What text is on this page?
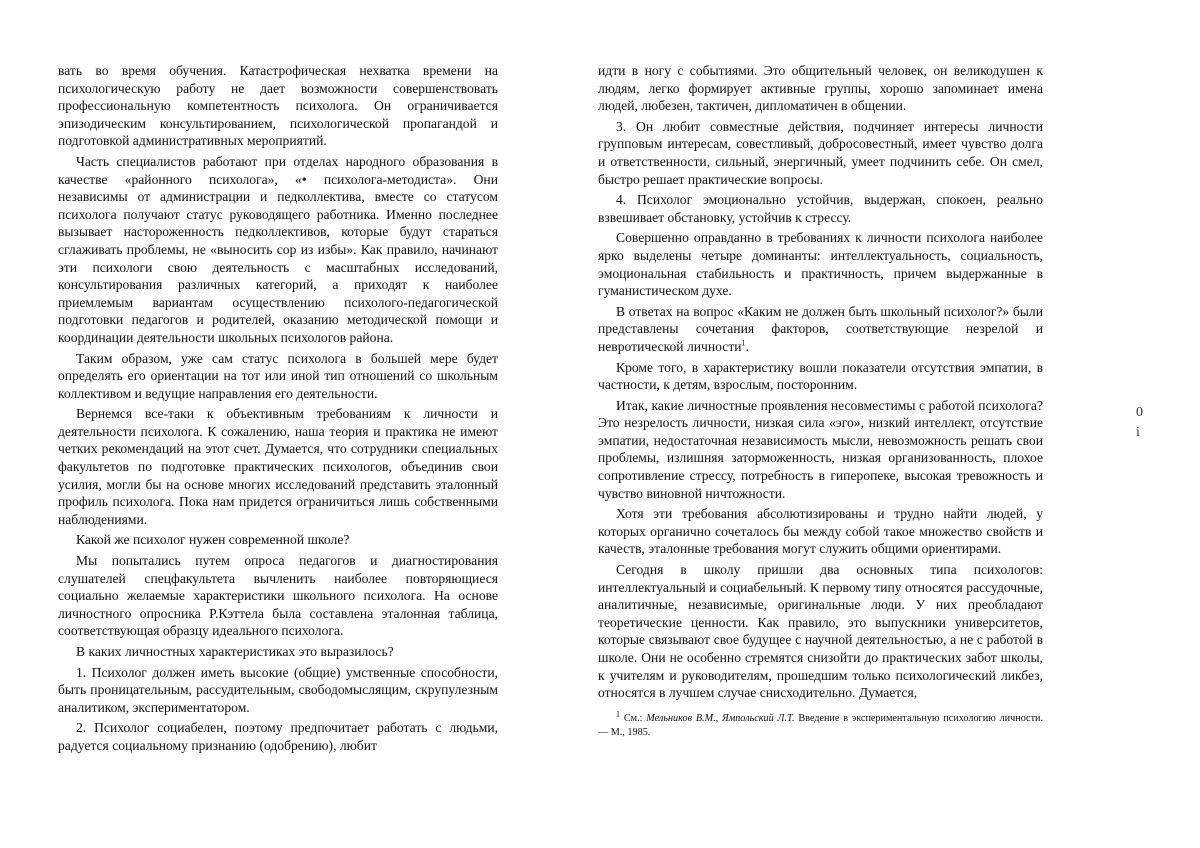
вать во время обучения. Катастрофическая нехватка времени на психологическую работу не дает возможности совершенствовать профессиональную компетентность психолога. Он ограничивается эпизодическим консультированием, психологической пропагандой и подготовкой административных мероприятий.

Часть специалистов работают при отделах народного образования в качестве «районного психолога», «• психолога-методиста». Они независимы от администрации и педколлектива, вместе со статусом психолога получают статус руководящего работника. Именно последнее вызывает настороженность педколлективов, которые будут стараться сглаживать проблемы, не «выносить сор из избы». Как правило, начинают эти психологи свою деятельность с масштабных исследований, консультирования различных категорий, а приходят к наиболее приемлемым вариантам осуществлению психолого-педагогической подготовки педагогов и родителей, оказанию методической помощи и координации деятельности школьных психологов района.

Таким образом, уже сам статус психолога в большей мере будет определять его ориентации на тот или иной тип отношений со школьным коллективом и ведущие направления его деятельности.

Вернемся все-таки к объективным требованиям к личности и деятельности психолога. К сожалению, наша теория и практика не имеют четких рекомендаций на этот счет. Думается, что сотрудники специальных факультетов по подготовке практических психологов, объединив свои усилия, могли бы на основе многих исследований представить эталонный профиль психолога. Пока нам придется ограничиться лишь собственными наблюдениями.

Какой же психолог нужен современной школе?

Мы попытались путем опроса педагогов и диагностирования слушателей спецфакультета вычленить наиболее повторяющиеся социально желаемые характеристики школьного психолога. На основе личностного опросника Р.Кэттела была составлена эталонная таблица, соответствующая образцу идеального психолога.

В каких личностных характеристиках это выразилось?

1. Психолог должен иметь высокие (общие) умственные способности, быть проницательным, рассудительным, свободомыслящим, скрупулезным аналитиком, экспериментатором.

2. Психолог социабелен, поэтому предпочитает работать с людьми, радуется социальному признанию (одобрению), любит

идти в ногу с событиями. Это общительный человек, он великодушен к людям, легко формирует активные группы, хорошо запоминает имена людей, любезен, тактичен, дипломатичен в общении.

3. Он любит совместные действия, подчиняет интересы личности групповым интересам, совестливый, добросовестный, имеет чувство долга и ответственности, сильный, энергичный, умеет подчинить себе. Он смел, быстро решает практические вопросы.

4. Психолог эмоционально устойчив, выдержан, спокоен, реально взвешивает обстановку, устойчив к стрессу.

Совершенно оправданно в требованиях к личности психолога наиболее ярко выделены четыре доминанты: интеллектуальность, социальность, эмоциональная стабильность и практичность, причем выдержанные в гуманистическом духе.

В ответах на вопрос «Каким не должен быть школьный психолог?» были представлены сочетания факторов, соответствующие незрелой и невротической личности$^1$.

Кроме того, в характеристику вошли показатели отсутствия эмпатии, в частности, к детям, взрослым, посторонним.

Итак, какие личностные проявления несовместимы с работой психолога? Это незрелость личности, низкая сила «эго», низкий интеллект, отсутствие эмпатии, недостаточная независимость мысли, невозможность решать свои проблемы, излишняя заторможенность, низкая организованность, плохое сопротивление стрессу, потребность в гиперопеке, высокая тревожность и чувство виновной ничтожности.

Хотя эти требования абсолютизированы и трудно найти людей, у которых органично сочеталось бы между собой такое множество свойств и качеств, эталонные требования могут служить общими ориентирами.

Сегодня в школу пришли два основных типа психологов: интеллектуальный и социабельный. К первому типу относятся рассудочные, аналитичные, независимые, оригинальные люди. У них преобладают теоретические ценности. Как правило, это выпускники университетов, которые связывают свое будущее с научной деятельностью, а не с работой в школе. Они не особенно стремятся снизойти до практических забот школы, к учителям и руководителям, прошедшим только психологический ликбез, относятся в лучшем случае снисходительно. Думается,

$^1$ См.: Мельников В.М., Ямпольский Л.Т. Введение в экспериментальную психологию личности. — М., 1985.
0
i
